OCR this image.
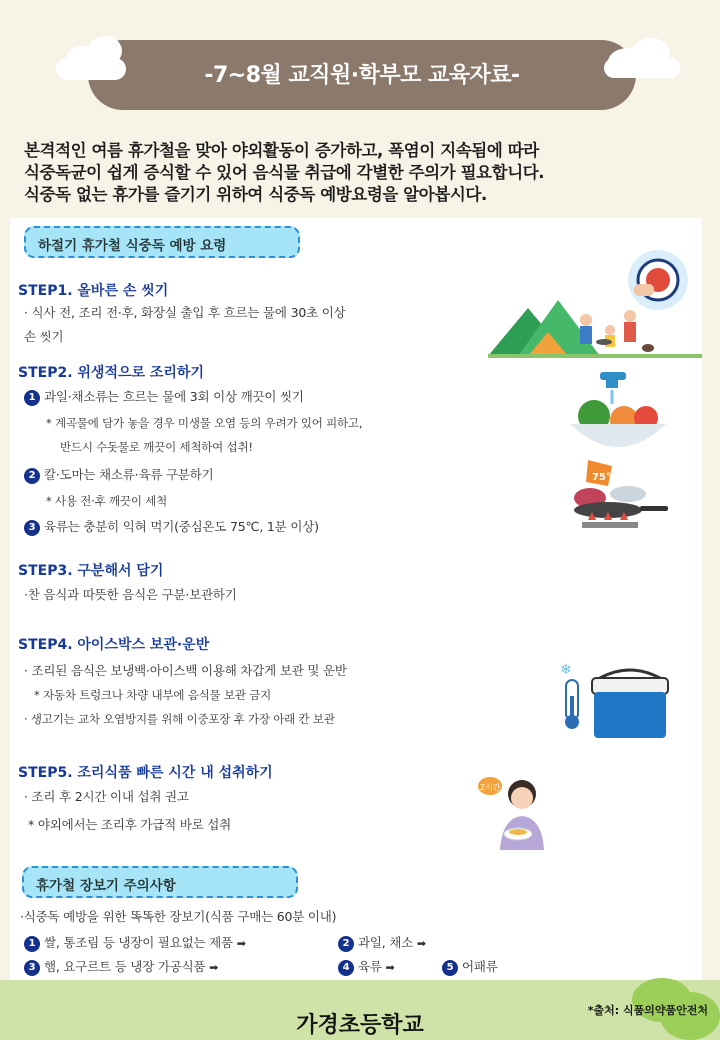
-7~8월 교직원·학부모 교육자료-
본격적인 여름 휴가철을 맞아 야외활동이 증가하고, 폭염이 지속됨에 따라
식중독균이 쉽게 증식할 수 있어 음식물 취급에 각별한 주의가 필요합니다.
식중독 없는 휴가를 즐기기 위하여 식중독 예방요령을 알아봅시다.
하절기 휴가철 식중독 예방 요령
STEP1. 올바른 손 씻기
· 식사 전, 조리 전·후, 화장실 출입 후 흐르는 물에 30초 이상
손 씻기
STEP2. 위생적으로 조리하기
1 과일·채소류는 흐르는 물에 3회 이상 깨끗이 씻기
* 계곡물에 담가 놓을 경우 미생물 오염 등의 우려가 있어 피하고,
반드시 수돗물로 깨끗이 세척하여 섭취!
2 칼·도마는 채소류·육류 구분하기
* 사용 전·후 깨끗이 세척
3 육류는 충분히 익혀 먹기(중심온도 75℃, 1분 이상)
75℃
STEP3. 구분해서 담기
·찬 음식과 따뜻한 음식은 구분·보관하기
STEP4. 아이스박스 보관·운반
· 조리된 음식은 보냉백·아이스백 이용해 차갑게 보관 및 운반
* 자동차 트렁크나 차량 내부에 음식물 보관 금지
· 생고기는 교차 오염방지를 위해 이중포장 후 가장 아래 칸 보관
❄
STEP5. 조리식품 빠른 시간 내 섭취하기
· 조리 후 2시간 이내 섭취 권고
* 야외에서는 조리후 가급적 바로 섭취
2시간
휴가철 장보기 주의사항
·식중독 예방을 위한 똑똑한 장보기(식품 구매는 60분 이내)
1 쌀, 통조림 등 냉장이 필요없는 제품 ➡	2 과일, 채소 ➡
3 햄, 요구르트 등 냉장 가공식품 ➡	4 육류 ➡	5 어패류
가경초등학교
*출처: 식품의약품안전처
